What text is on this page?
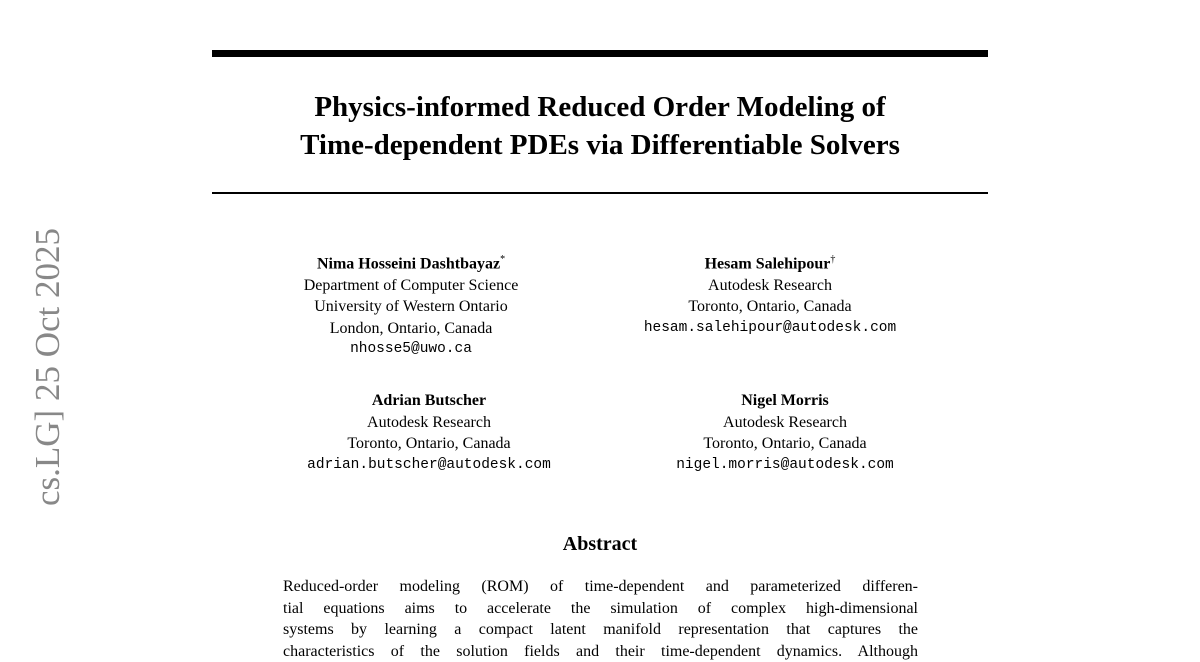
cs.LG] 25 Oct 2025
Physics-informed Reduced Order Modeling of
Time-dependent PDEs via Differentiable Solvers
Nima Hosseini Dashtbayaz*
Department of Computer Science
University of Western Ontario
London, Ontario, Canada
nhosse5@uwo.ca
Hesam Salehipour†
Autodesk Research
Toronto, Ontario, Canada
hesam.salehipour@autodesk.com
Adrian Butscher
Autodesk Research
Toronto, Ontario, Canada
adrian.butscher@autodesk.com
Nigel Morris
Autodesk Research
Toronto, Ontario, Canada
nigel.morris@autodesk.com
Abstract
Reduced-order modeling (ROM) of time-dependent and parameterized differen-
tial equations aims to accelerate the simulation of complex high-dimensional
systems by learning a compact latent manifold representation that captures the
characteristics of the solution fields and their time-dependent dynamics. Although
